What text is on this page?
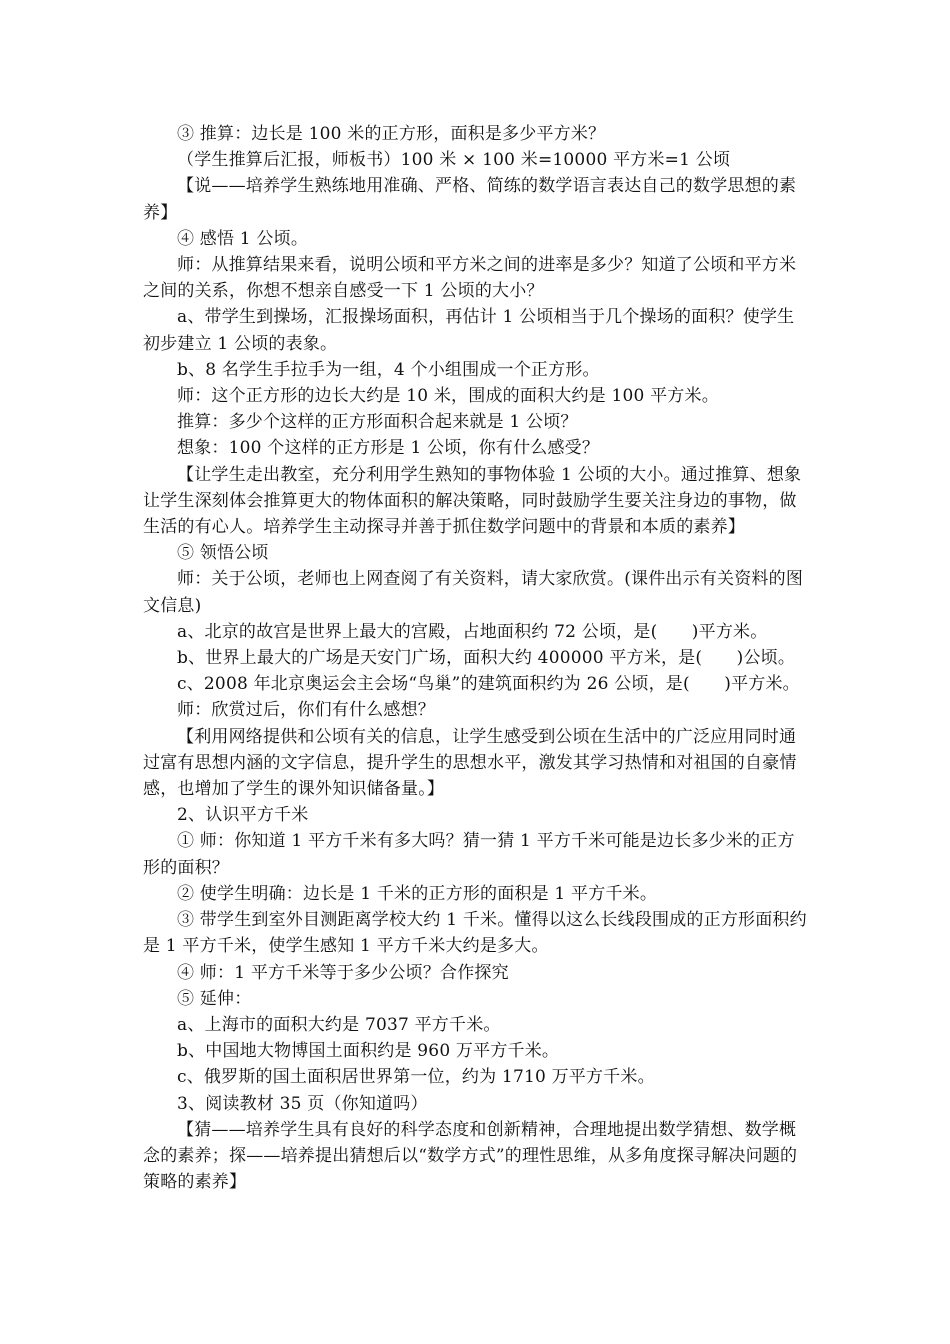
③ 推算：边长是 100 米的正方形，面积是多少平方米？

（学生推算后汇报，师板书）100 米 × 100 米=10000 平方米=1 公顷

【说——培养学生熟练地用准确、严格、简练的数学语言表达自己的数学思想的素养】

④ 感悟 1 公顷。

师：从推算结果来看，说明公顷和平方米之间的进率是多少？知道了公顷和平方米之间的关系，你想不想亲自感受一下 1 公顷的大小？

a、带学生到操场，汇报操场面积，再估计 1 公顷相当于几个操场的面积？使学生初步建立 1 公顷的表象。

b、8 名学生手拉手为一组，4 个小组围成一个正方形。

师：这个正方形的边长大约是 10 米，围成的面积大约是 100 平方米。

推算：多少个这样的正方形面积合起来就是 1 公顷？

想象：100 个这样的正方形是 1 公顷，你有什么感受？

【让学生走出教室，充分利用学生熟知的事物体验 1 公顷的大小。通过推算、想象让学生深刻体会推算更大的物体面积的解决策略，同时鼓励学生要关注身边的事物，做生活的有心人。培养学生主动探寻并善于抓住数学问题中的背景和本质的素养】

⑤ 领悟公顷

师：关于公顷，老师也上网查阅了有关资料，请大家欣赏。(课件出示有关资料的图文信息)

a、北京的故宫是世界上最大的宫殿，占地面积约 72 公顷，是(　　)平方米。

b、世界上最大的广场是天安门广场，面积大约 400000 平方米，是(　　)公顷。

c、2008 年北京奥运会主会场“鸟巢”的建筑面积约为 26 公顷，是(　　)平方米。

师：欣赏过后，你们有什么感想？

【利用网络提供和公顷有关的信息，让学生感受到公顷在生活中的广泛应用同时通过富有思想内涵的文字信息，提升学生的思想水平，激发其学习热情和对祖国的自豪情感，也增加了学生的课外知识储备量。】

2、认识平方千米

① 师：你知道 1 平方千米有多大吗？猜一猜 1 平方千米可能是边长多少米的正方形的面积？

② 使学生明确：边长是 1 千米的正方形的面积是 1 平方千米。

③ 带学生到室外目测距离学校大约 1 千米。懂得以这么长线段围成的正方形面积约是 1 平方千米，使学生感知 1 平方千米大约是多大。

④ 师：1 平方千米等于多少公顷？合作探究

⑤ 延伸：

a、上海市的面积大约是 7037 平方千米。

b、中国地大物博国土面积约是 960 万平方千米。

c、俄罗斯的国土面积居世界第一位，约为 1710 万平方千米。

3、阅读教材 35 页（你知道吗）

【猜——培养学生具有良好的科学态度和创新精神，合理地提出数学猜想、数学概念的素养；探——培养提出猜想后以“数学方式”的理性思维，从多角度探寻解决问题的策略的素养】
